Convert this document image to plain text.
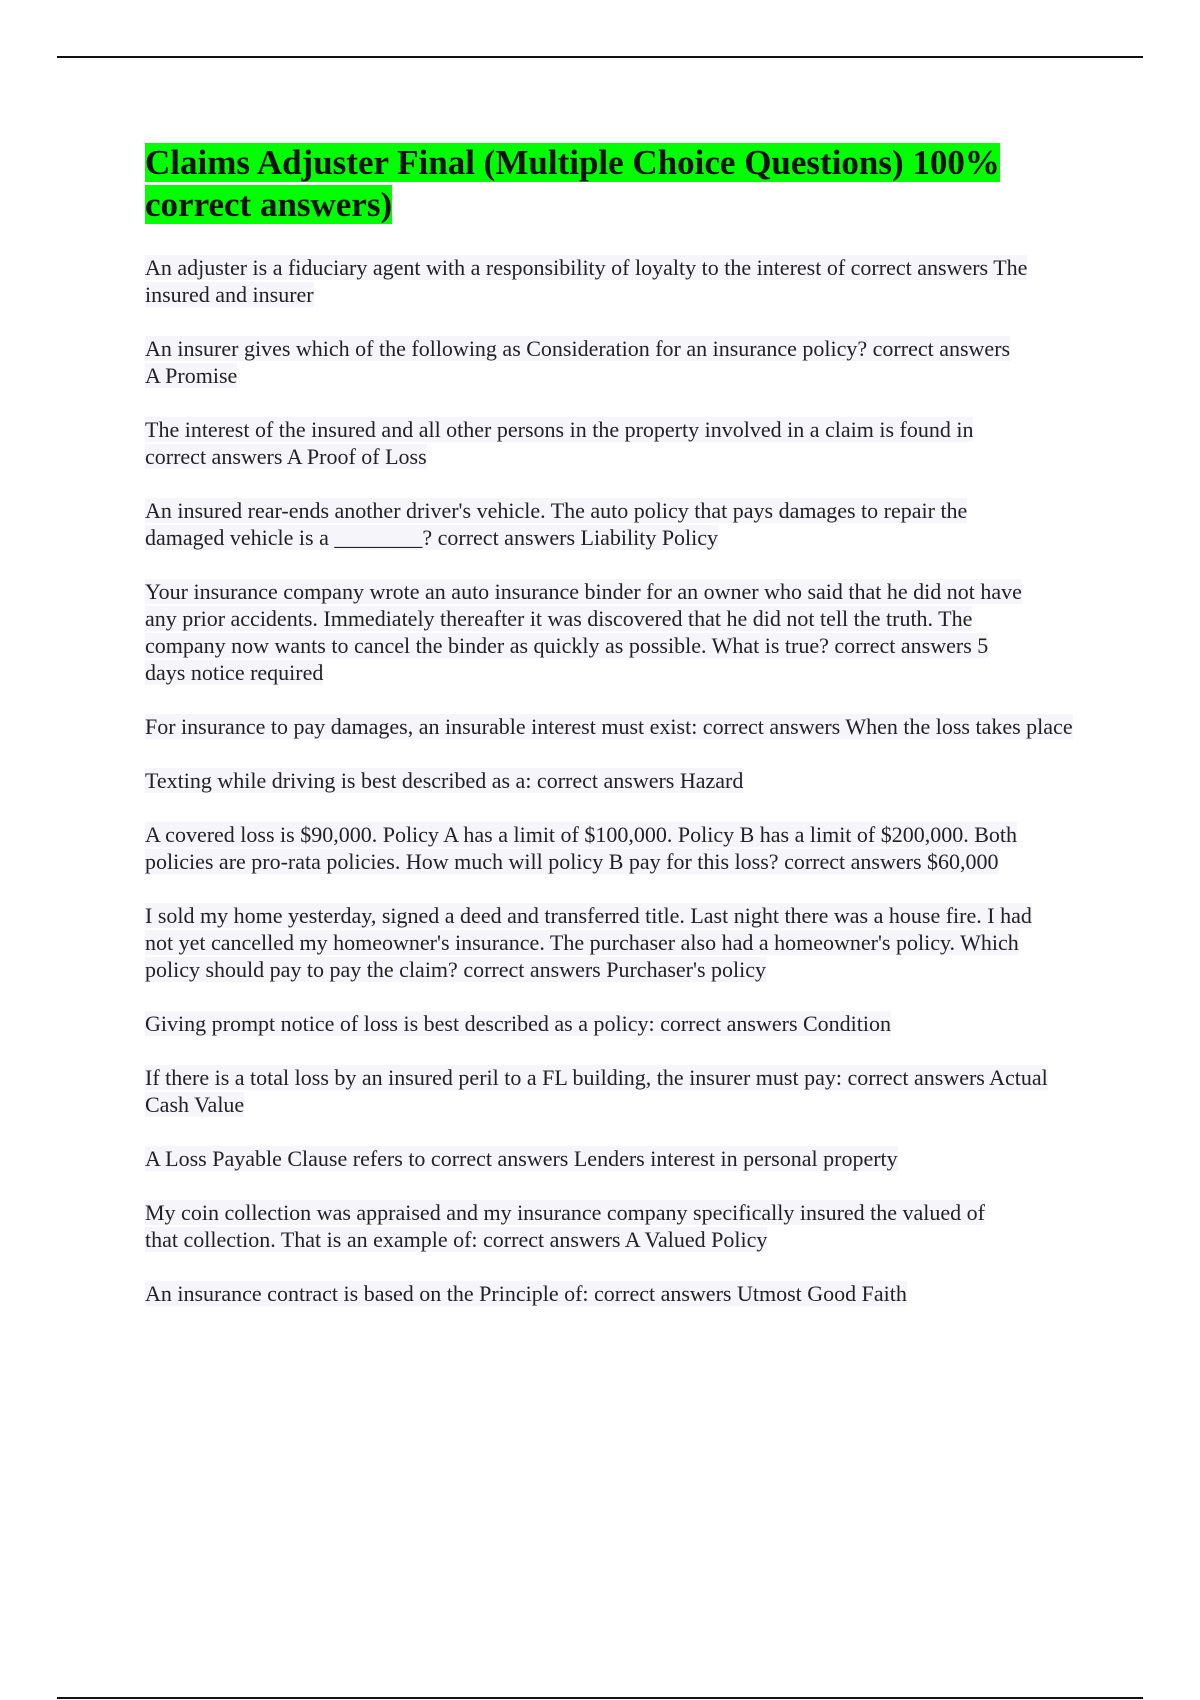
Claims Adjuster Final (Multiple Choice Questions) 100% correct answers)

An adjuster is a fiduciary agent with a responsibility of loyalty to the interest of correct answers The insured and insurer

An insurer gives which of the following as Consideration for an insurance policy? correct answers A Promise

The interest of the insured and all other persons in the property involved in a claim is found in correct answers A Proof of Loss

An insured rear-ends another driver's vehicle. The auto policy that pays damages to repair the damaged vehicle is a ________? correct answers Liability Policy

Your insurance company wrote an auto insurance binder for an owner who said that he did not have any prior accidents. Immediately thereafter it was discovered that he did not tell the truth. The company now wants to cancel the binder as quickly as possible. What is true? correct answers 5 days notice required

For insurance to pay damages, an insurable interest must exist: correct answers When the loss takes place

Texting while driving is best described as a: correct answers Hazard

A covered loss is $90,000. Policy A has a limit of $100,000. Policy B has a limit of $200,000. Both policies are pro-rata policies. How much will policy B pay for this loss? correct answers $60,000

I sold my home yesterday, signed a deed and transferred title. Last night there was a house fire. I had not yet cancelled my homeowner's insurance. The purchaser also had a homeowner's policy. Which policy should pay to pay the claim? correct answers Purchaser's policy

Giving prompt notice of loss is best described as a policy: correct answers Condition

If there is a total loss by an insured peril to a FL building, the insurer must pay: correct answers Actual Cash Value

A Loss Payable Clause refers to correct answers Lenders interest in personal property

My coin collection was appraised and my insurance company specifically insured the valued of that collection. That is an example of: correct answers A Valued Policy

An insurance contract is based on the Principle of: correct answers Utmost Good Faith
